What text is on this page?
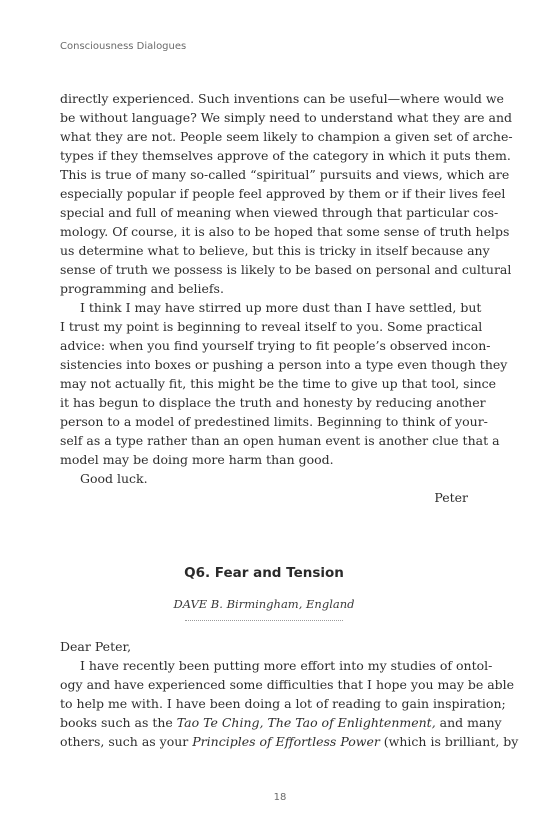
Consciousness Dialogues
directly experienced. Such inventions can be useful—where would we
be without language? We simply need to understand what they are and
what they are not. People seem likely to champion a given set of arche-
types if they themselves approve of the category in which it puts them.
This is true of many so-called “spiritual” pursuits and views, which are
especially popular if people feel approved by them or if their lives feel
special and full of meaning when viewed through that particular cos-
mology. Of course, it is also to be hoped that some sense of truth helps
us determine what to believe, but this is tricky in itself because any
sense of truth we possess is likely to be based on personal and cultural
programming and beliefs.
I think I may have stirred up more dust than I have settled, but
I trust my point is beginning to reveal itself to you. Some practical
advice: when you find yourself trying to fit people’s observed incon-
sistencies into boxes or pushing a person into a type even though they
may not actually fit, this might be the time to give up that tool, since
it has begun to displace the truth and honesty by reducing another
person to a model of predestined limits. Beginning to think of your-
self as a type rather than an open human event is another clue that a
model may be doing more harm than good.
Good luck.
Peter
Q6. Fear and Tension
DAVE B. Birmingham, England
Dear Peter,
I have recently been putting more effort into my studies of ontol-
ogy and have experienced some difficulties that I hope you may be able
to help me with. I have been doing a lot of reading to gain inspiration;
books such as the Tao Te Ching, The Tao of Enlightenment, and many
others, such as your Principles of Effortless Power (which is brilliant, by
18
